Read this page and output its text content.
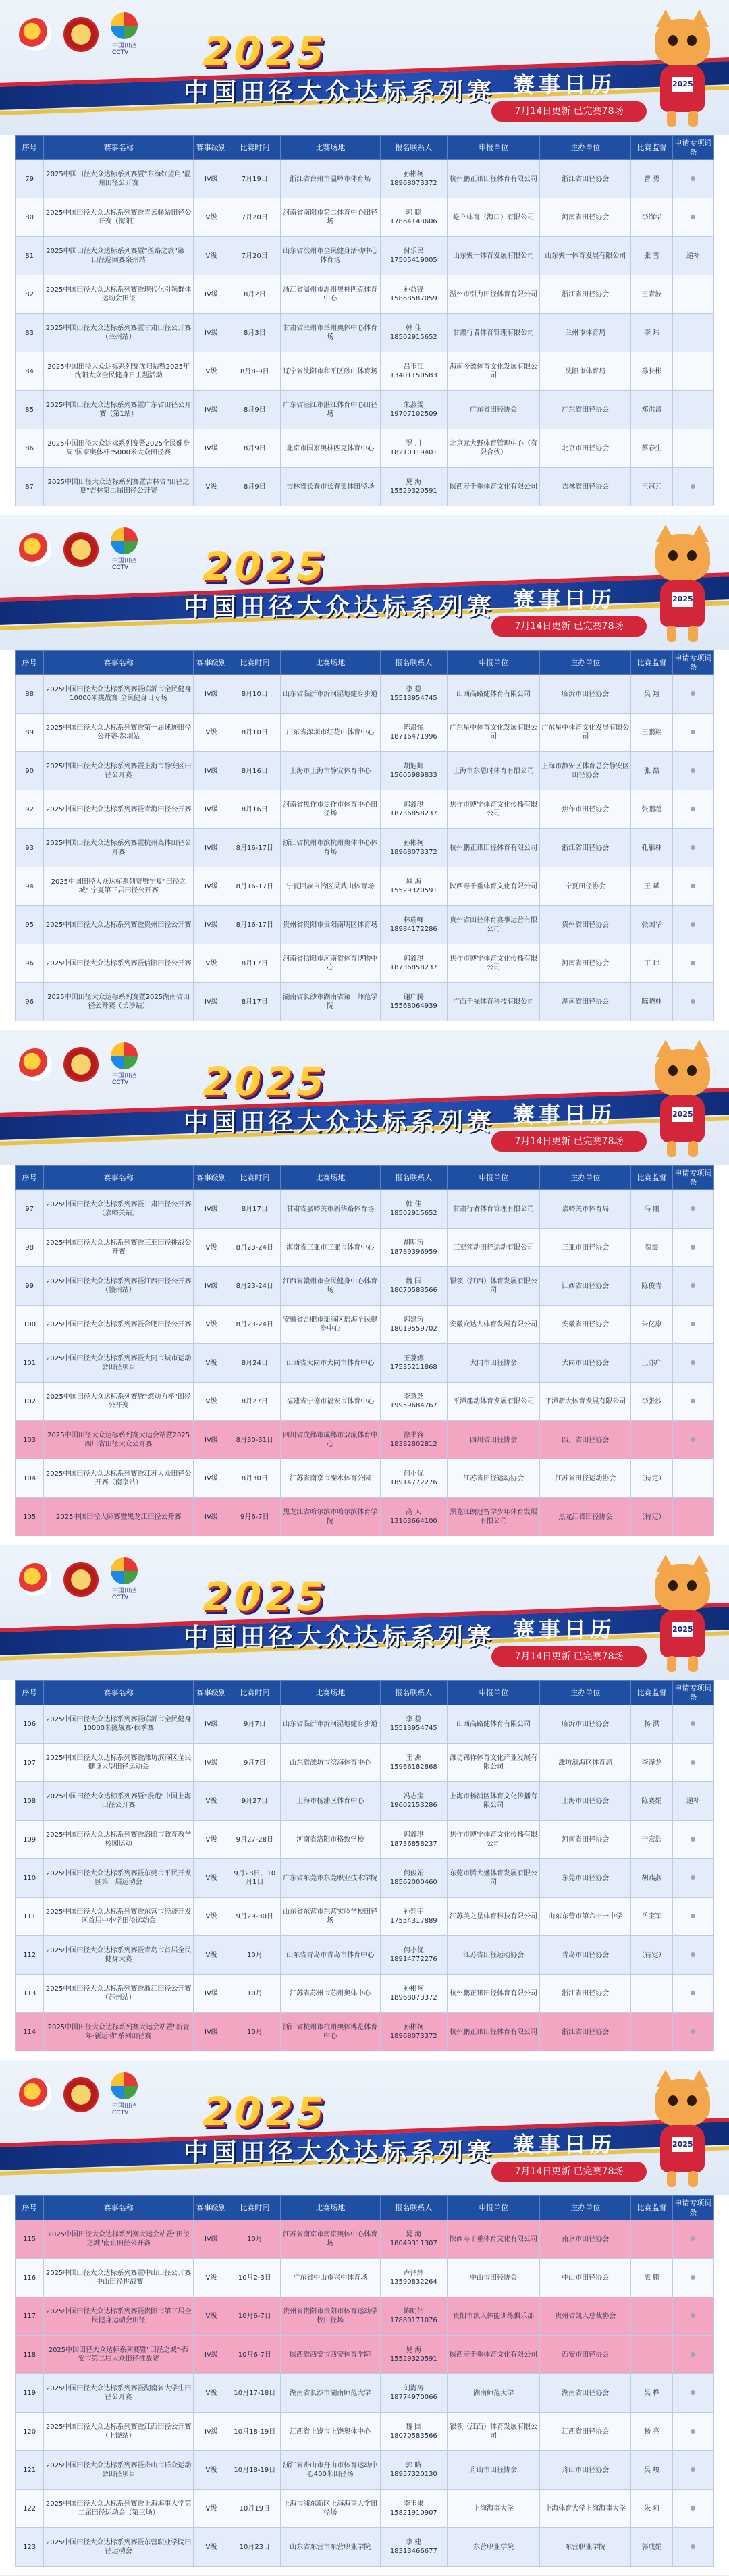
中国田径
CCTV 2025
中国田径大众达标系列赛 赛事日历
7月14日更新 已完赛78场
2025
序号	赛事名称	赛事级别	比赛时间	比赛场地	报名联系人	申报单位	主办单位	比赛监督	申请专项词条
79	2025中国田径大众达标系列赛暨"东海好望角"温州田径公开赛	IV级	7月19日	浙江省台州市温岭市体育场	孙彬柯
18968073372	杭州鹏正讯田径体育有限公司	浙江省田径协会	曹 勇	
80	2025中国田径大众达标系列赛暨青云驿站田径公开赛（海阳）	V级	7月20日	河南省南阳市第二体育中心田径场	郭 聪
17864143606	屹立体育（海口）有限公司	河南省田径协会	李海华	
81	2025中国田径大众达标系列赛暨"丝路之旅"第一田径巡回赛泉州站	V级	7月20日	山东省滨州市全民健身活动中心体育场	付乐民
17505419005	山东聚一体育发展有限公司	山东聚一体育发展有限公司	张 雪	递补
82	2025中国田径大众达标系列赛暨现代化引领群体运动会田径	IV级	8月2日	浙江省温州市温州奥林匹克体育中心	孙益锋
15868587059	温州市引力田径体育有限公司	浙江省田径协会	王青波	
83	2025中国田径大众达标系列赛暨甘肃田径公开赛（兰州站）	IV级	8月3日	甘肃省兰州市兰州奥体中心体育场	韩 佳
18502915652	甘肃行者体育管理有限公司	兰州市体育局	李 玮	
84	2025中国田径大众达标系列赛沈阳站暨2025年沈阳大众全民健身日主题活动	V级	8月8-9日	辽宁省沈阳市和平区砂山体育场	吕玉江
13401150583	海南今盈体育文化发展有限公司	沈阳市体育局	孙长彬	
85	2025中国田径大众达标系列赛暨广东省田径公开赛（第1站）	IV级	8月9日	广东省湛江市湛江体育中心田径场	朱燕雯
19707102509	广东省田径协会	广东省田径协会	郑洪昌	
86	2025中国田径大众达标系列赛暨2025全民健身周"国家奥体杯"5000米大众田径赛	IV级	8月9日	北京市国家奥林匹克体育中心	罗 川
18210319401	北京元大野体育管理中心（有限合伙）	北京市田径协会	蔡春生	
87	2025中国田径大众达标系列赛暨吉林省"田径之夏"吉林第二届田径公开赛	V级	8月9日	吉林省长春市长春奥体田径场	晁 海
15529320591	陕西寿千重体育文化有限公司	吉林省田径协会	王冠元	
中国田径
CCTV 2025
中国田径大众达标系列赛 赛事日历
7月14日更新 已完赛78场
2025
序号	赛事名称	赛事级别	比赛时间	比赛场地	报名联系人	申报单位	主办单位	比赛监督	申请专项词条
88	2025中国田径大众达标系列赛暨临沂市全民健身10000米挑战赛·全民健身日专场	IV级	8月10日	山东省临沂市沂河湿地健身步道	李 蕊
15513954745	山西高路健体育有限公司	临沂市田径协会	吴 翔	
89	2025中国田径大众达标系列赛暨第一届迷迹田径公开赛-深圳站	V级	8月10日	广东省深圳市红花山体育中心	陈沿悦
18716471996	广东星中体育文化发展有限公司	广东星中体育文化发展有限公司	王鹏翔	
90	2025中国田径大众达标系列赛暨上海市静安区田径公开赛	IV级	8月16日	上海市上海市静安体育中心	胡旭卿
15605989833	上海市东恩时体育有限公司	上海市静安区体育总会静安区田径协会	张 喆	
92	2025中国田径大众达标系列赛暨青海田径公开赛	IV级	8月16日	河南省焦作市焦作市体育中心田径场	郭鑫琪
18736858237	焦作市博宁体育文化传播有限公司	焦作市田径协会	张鹏超	
93	2025中国田径大众达标系列赛暨杭州奥体田径公开赛	IV级	8月16-17日	浙江省杭州市滨杭州奥体中心体育场	孙彬柯
18968073372	杭州鹏正讯田径体育有限公司	浙江省田径协会	孔雁林	
94	2025中国田径大众达标系列赛暨宁夏"田径之城"·宁夏第三届田径公开赛	IV级	8月16-17日	宁夏回族自治区灵武山体育场	晁 海
15529320591	陕西寿千重体育文化有限公司	宁夏田径协会	王 斌	
95	2025中国田径大众达标系列赛暨贵州田径公开赛	IV级	8月16-17日	贵州省贵阳市贵阳南明区体育场	林瑞峰
18984172286	贵州省田径体育赛事运营有限公司	贵州省田径协会	张国华	
96	2025中国田径大众达标系列赛暨信阳田径公开赛	V级	8月17日	河南省信阳市河南省体育博物中心	郭鑫琪
18736858237	焦作市博宁体育文化传播有限公司	河南省田径协会	丁 玮	
96	2025中国田径大众达标系列赛暨2025湖南省田径公开赛（长沙站）	IV级	8月17日	湖南省长沙市湖南省第一师范学院	谢广腾
15568064939	广西千禄体育科技有限公司	湖南省田径协会	陈晓林	
中国田径
CCTV 2025
中国田径大众达标系列赛 赛事日历
7月14日更新 已完赛78场
2025
序号	赛事名称	赛事级别	比赛时间	比赛场地	报名联系人	申报单位	主办单位	比赛监督	申请专项词条
97	2025中国田径大众达标系列赛暨甘肃田径公开赛（嘉峪关站）	IV级	8月17日	甘肃省嘉峪关市新华路体育场	韩 佳
18502915652	甘肃行者体育管理有限公司	嘉峪关市体育局	冯 刚	
98	2025中国田径大众达标系列赛暨三亚田径挑战公开赛	V级	8月23-24日	海南省三亚市三亚市体育中心	胡明涛
18789396959	三亚领动田径运动有限公司	三亚市田径协会	贺震	
99	2025中国田径大众达标系列赛暨江西田径公开赛（赣州站）	IV级	8月23-24日	江西省赣州市全民健身中心体育场	魏 国
18070583566	银领（江西）体育发展有限公司	江西省田径协会	陈俊青	
100	2025中国田径大众达标系列赛暨合肥田径公开赛	V级	8月23-24日	安徽省合肥市瑶海区瑶海全民健身中心	郭建涛
18019559702	安徽众达人体育发展有限公司	安徽省田径协会	朱亿康	
101	2025中国田径大众达标系列赛暨大同市城市运动会田径项目	V级	8月24日	山西省大同市大同市体育中心	王荔娜
17535211868	大同市田径协会	大同市田径协会	王亦广	
102	2025中国田径大众达标系列赛暨"燃动力杯"田径公开赛	V级	8月27日	福建省宁德市福安市体育中心	李慧芝
19959684767	平潭趣动体育发展有限公司	平潭新大体育发展有限公司	李张沙	
103	2025中国田径大众达标系列赛大运会站暨2025四川省田径大众公开赛	IV级	8月30-31日	四川省成都市成都市双流体育中心	徐书容
18382802812	四川省田径协会	四川省田径协会		
104	2025中国田径大众达标系列赛暨江苏大众田径公开赛（南京站）	IV级	8月30日	江苏省南京市溧水体育公园	何小优
18914772276	江苏省田径运动协会	江苏省田径运动协会	（待定）	
105	2025中国田径大师赛暨黑龙江田径公开赛	IV级	9月6-7日	黑龙江省哈尔滨市哈尔滨体育学院	高 人
13103664100	黑龙江朗冠智学少年体育发展有限公司	黑龙江省田径协会	（待定）	
中国田径
CCTV 2025
中国田径大众达标系列赛 赛事日历
7月14日更新 已完赛78场
2025
序号	赛事名称	赛事级别	比赛时间	比赛场地	报名联系人	申报单位	主办单位	比赛监督	申请专项词条
106	2025中国田径大众达标系列赛暨临沂市全民健身10000米挑战赛·秋季赛	IV级	9月7日	山东省临沂市沂河湿地健身步道	李 蕊
15513954745	山西高路健体育有限公司	临沂市田径协会	杨 洪	
107	2025中国田径大众达标系列赛暨潍坊滨海区全民健身大型田径运动会	IV级	9月7日	山东省潍坊市滨海体育中心	王 洲
15966182868	潍坊锦祥体育文化产业发展有限公司	潍坊滨海区体育局	李泽龙	
108	2025中国田径大众达标系列赛暨"漫跑"中国上海田径公开赛	V级	9月27日	上海市杨浦区体育中心	冯志宝
19602153286	上海市杨浦区体育文化传播有限公司	上海市田径协会	陈赛娟	递补
109	2025中国田径大众达标系列赛暨洛阳市教育教学校园运动	V级	9月27-28日	河南省洛阳市格致学校	郭鑫琪
18736858237	焦作市博宁体育文化传播有限公司	河南省田径协会	于宏浩	
110	2025中国田径大众达标系列赛暨东莞市平民开发区第一届运动会	V级	9月28日、10月1日	广东省东莞市东莞职业技术学院	何俊娟
18562000460	东莞市腾大盛体育发展有限公司	东莞市田径协会	胡燕燕	
111	2025中国田径大众达标系列赛暨东营市经济开发区首届中小学田径运动会	V级	9月29-30日	山东省东营市东营实验学校田径场	孙翔宇
17554317889	江苏美之星体育科技有限公司	山东东营市第六十一中学	岳宝军	
112	2025中国田径大众达标系列赛暨青岛市首届全民健身大赛	V级	10月	山东省青岛市青岛市体育中心	何小优
18914772276	江苏省田径运动协会	青岛市田径协会	（待定）	
113	2025中国田径大众达标系列赛暨浙江田径公开赛（苏州站）	IV级	10月	江苏省苏州市苏州奥体中心	孙彬柯
18968073372	杭州鹏正讯田径体育有限公司	浙江省田径协会		
114	2025中国田径大众达标系列赛大运会站暨"新青年·新运动"系列田径赛	IV级	10月	浙江省杭州市杭州奥体博览体育中心	孙彬柯
18968073372	杭州鹏正讯田径体育有限公司	浙江省田径协会		
中国田径
CCTV 2025
中国田径大众达标系列赛 赛事日历
7月14日更新 已完赛78场
2025
序号	赛事名称	赛事级别	比赛时间	比赛场地	报名联系人	申报单位	主办单位	比赛监督	申请专项词条
115	2025中国田径大众达标系列赛大运会站暨"田径之城"南京田径公开赛	IV级	10月	江苏省南京市南京奥体中心体育场	晁 海
18049311307	陕西寿千重体育文化有限公司	南京市田径协会		
116	2025中国田径大众达标系列赛暨中山田径公开赛·中山田径挑战赛	V级	10月2-3日	广东省中山市兴中体育场	卢泽炜
13590832264	中山市田径协会	中山市田径协会	熊 鹏	
117	2025中国田径大众达标系列赛暨贵阳市第三届全民健身运动会田径	V级	10月6-7日	贵州省贵阳市贵阳市体育运动学校田径场	陈明伟
17880171076	贵阳市凯人体能训练俱乐部	贵州省凯人总裁协会		
118	2025中国田径大众达标系列赛暨"田径之城"·西安市第二届大众田径挑战赛	IV级	10月6-7日	陕西省西安市西安体育学院	晁 海
15529320591	陕西寿千重体育文化有限公司	西安市田径协会		
119	2025中国田径大众达标系列赛暨湖南省大学生田径公开赛	V级	10月17-18日	湖南省长沙市湖南师范大学	刘海涛
18774970066	湖南师范大学	湖南省田径协会	吴 桦	
120	2025中国田径大众达标系列赛暨江西田径公开赛（上饶站）	IV级	10月18-19日	江西省上饶市上饶奥体中心	魏 国
18070583566	银领（江西）体育发展有限公司	江西省田径协会	杨 亮	
121	2025中国田径大众达标系列赛暨舟山市群众运动会田径项目	V级	10月18-19日	浙江省舟山市舟山市体育运动中心400米田径场	郭 晗
18957320130	舟山市田径协会	舟山市田径协会	吴 峻	
122	2025中国田径大众达标系列赛暨上海海事大学第二届田径运动会（第三场）	V级	10月19日	上海市浦东新区上海海事大学田径场	李玉果
15821910907	上海海事大学	上海体育大学上海海事大学	朱 莉	
123	2025中国田径大众达标系列赛暨东营职业学院田径运动会	V级	10月23日	山东省东营市东营职业学院	李 建
18313466677	东营职业学院	东营职业学院	郭成娟	
